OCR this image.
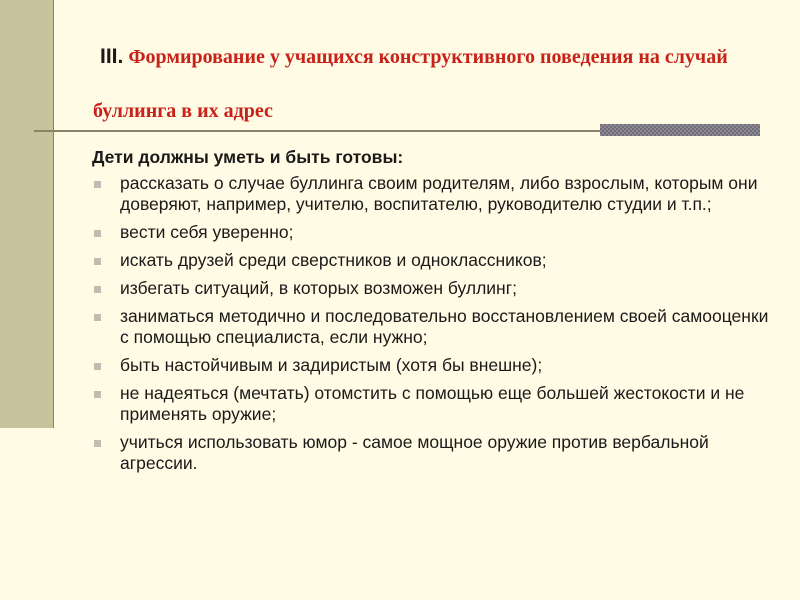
III. Формирование у учащихся конструктивного поведения на случай буллинга в их адрес

Дети должны уметь и быть готовы:

рассказать о случае буллинга своим родителям, либо взрослым, которым они доверяют, например, учителю, воспитателю, руководителю студии и т.п.;
вести себя уверенно;
искать друзей среди сверстников и одноклассников;
избегать ситуаций, в которых возможен буллинг;
заниматься методично и последовательно восстановлением своей самооценки с помощью специалиста, если нужно;
быть настойчивым и задиристым (хотя бы внешне);
не надеяться (мечтать) отомстить с помощью еще большей жестокости и не применять оружие;
учиться использовать юмор - самое мощное оружие против вербальной агрессии.
